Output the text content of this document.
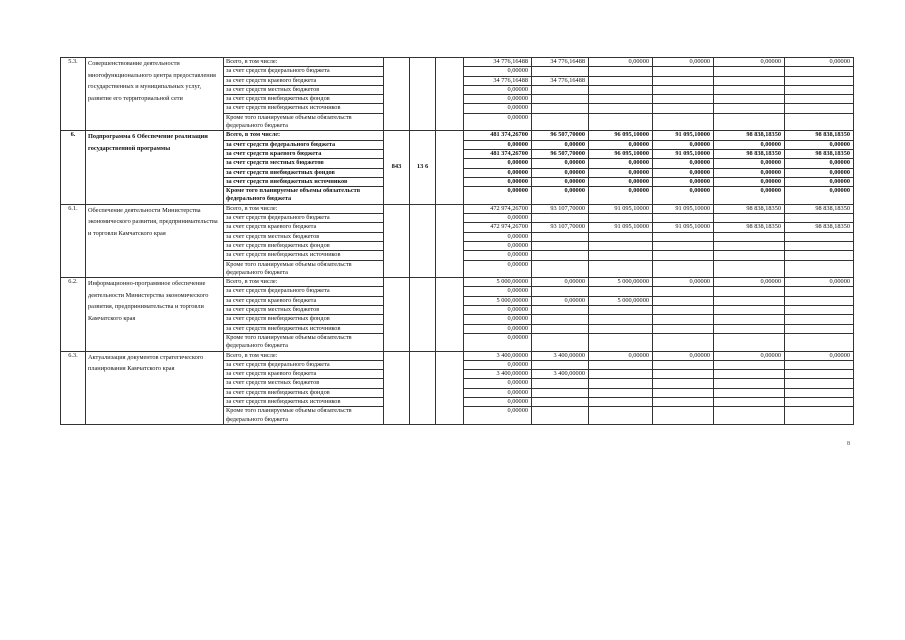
5.3.	Совершенствование деятельности многофункционального центра предоставления государственных и муниципальных услуг, развитие его территориальной сети	Всего, в том числе:				34 776,16488	34 776,16488	0,00000	0,00000	0,00000	0,00000
		за счет средств федерального бюджета				0,00000					
		за счет средств краевого бюджета				34 776,16488	34 776,16488				
		за счет средств местных бюджетов				0,00000					
		за счет средств внебюджетных фондов				0,00000					
		за счет средств внебюджетных источников				0,00000					
		Кроме того планируемые объемы обязательств федерального бюджета				0,00000					
6.	Подпрограмма 6 Обеспечение реализации государственной программы	Всего, в том числе:	843	13 6		481 374,26700	96 507,70000	96 095,10000	91 095,10000	98 838,18350	98 838,18350
		за счет средств федерального бюджета				0,00000	0,00000	0,00000	0,00000	0,00000	0,00000
		за счет средств краевого бюджета				481 374,26700	96 507,70000	96 095,10000	91 095,10000	98 838,18350	98 838,18350
		за счет средств местных бюджетов				0,00000	0,00000	0,00000	0,00000	0,00000	0,00000
		за счет средств внебюджетных фондов				0,00000	0,00000	0,00000	0,00000	0,00000	0,00000
		за счет средств внебюджетных источников				0,00000	0,00000	0,00000	0,00000	0,00000	0,00000
		Кроме того планируемые объемы обязательств федерального бюджета				0,00000	0,00000	0,00000	0,00000	0,00000	0,00000
6.1.	Обеспечение деятельности Министерства экономического развития, предпринимательства и торговли Камчатского края	Всего, в том числе:				472 974,26700	93 107,70000	91 095,10000	91 095,10000	98 838,18350	98 838,18350
		за счет средств федерального бюджета				0,00000					
		за счет средств краевого бюджета				472 974,26700	93 107,70000	91 095,10000	91 095,10000	98 838,18350	98 838,18350
		за счет средств местных бюджетов				0,00000					
		за счет средств внебюджетных фондов				0,00000					
		за счет средств внебюджетных источников				0,00000					
		Кроме того планируемые объемы обязательств федерального бюджета				0,00000					
6.2.	Информационно-программное обеспечение деятельности Министерства экономического развития, предпринимательства и торговли Камчатского края	Всего, в том числе:				5 000,00000	0,00000	5 000,00000	0,00000	0,00000	0,00000
		за счет средств федерального бюджета				0,00000					
		за счет средств краевого бюджета				5 000,00000	0,00000	5 000,00000			
		за счет средств местных бюджетов				0,00000					
		за счет средств внебюджетных фондов				0,00000					
		за счет средств внебюджетных источников				0,00000					
		Кроме того планируемые объемы обязательств федерального бюджета				0,00000					
6.3.	Актуализация документов стратегического планирования Камчатского края	Всего, в том числе:				3 400,00000	3 400,00000	0,00000	0,00000	0,00000	0,00000
		за счет средств федерального бюджета				0,00000					
		за счет средств краевого бюджета				3 400,00000	3 400,00000				
		за счет средств местных бюджетов				0,00000					
		за счет средств внебюджетных фондов				0,00000					
		за счет средств внебюджетных источников				0,00000					
		Кроме того планируемые объемы обязательств федерального бюджета				0,00000					
8
